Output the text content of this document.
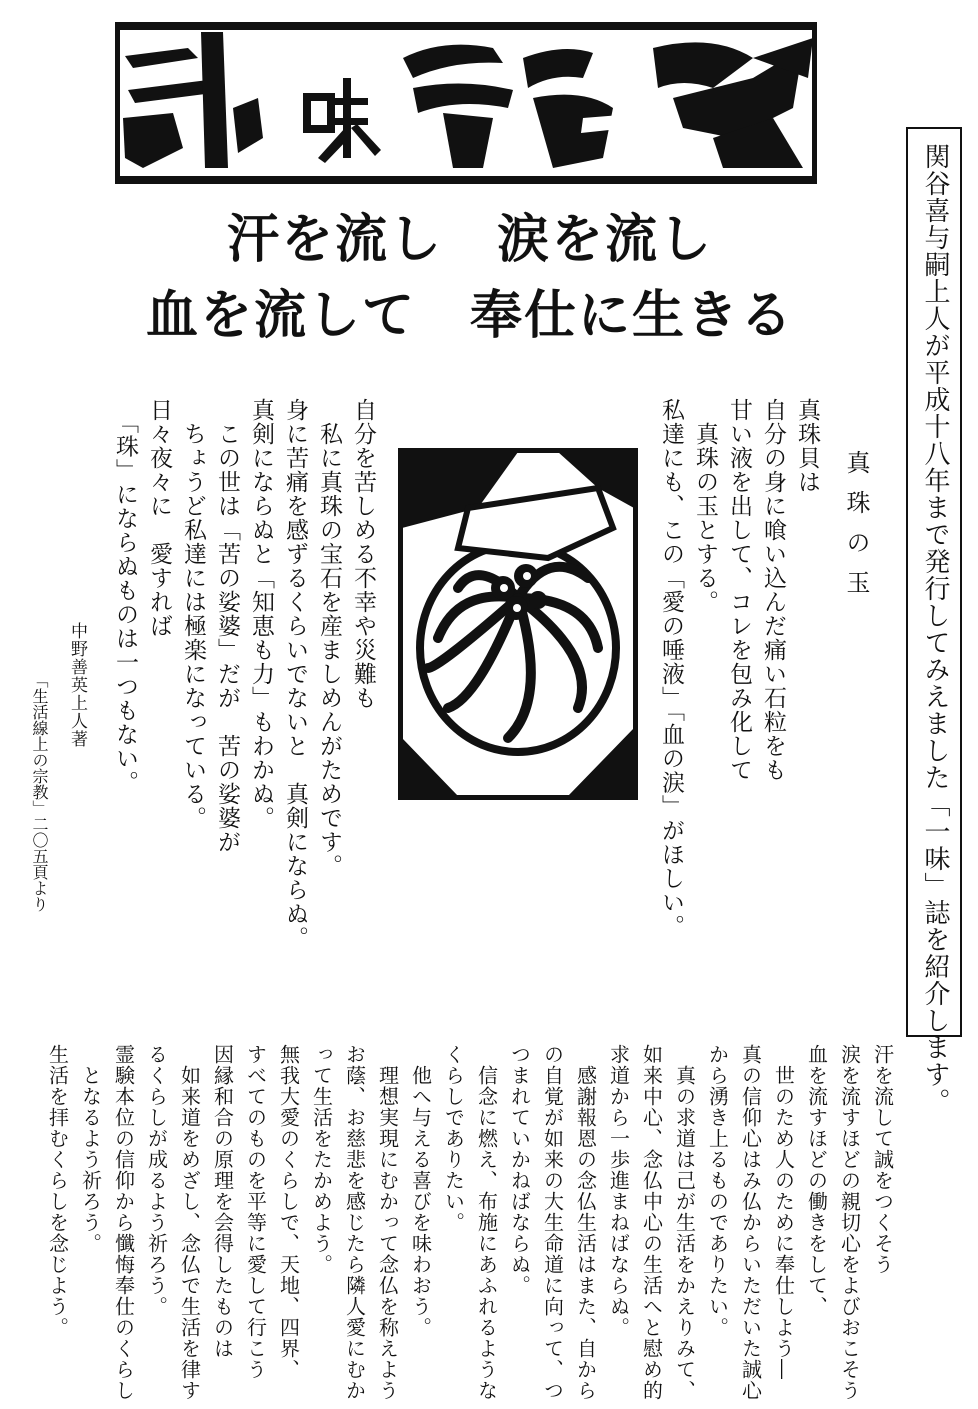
汗を流し　涙を流し
血を流して　奉仕に生きる	関谷喜与嗣上人が平成十八年まで発行してみえました「一味」誌を紹介します。
真珠の玉
真珠貝は
自分の身に喰い込んだ痛い石粒をも
甘い液を出して、コレを包み化して
　真珠の玉とする。
私達にも、この「愛の唾液」「血の涙」がほしい。
自分を苦しめる不幸や災難も
　私に真珠の宝石を産ましめんがためです。
身に苦痛を感ずるくらいでないと　真剣にならぬ。
真剣にならぬと「知恵も力」もわかぬ。
　この世は「苦の娑婆」だが　苦の娑婆が
　ちょうど私達には極楽になっている。
日々夜々に　愛すれば
　「珠」にならぬものは一つもない。
中野善英上人著
「生活線上の宗教」二〇五頁より
汗を流して誠をつくそう
涙を流すほどの親切心をよびおこそう
血を流すほどの働きをして、
　世のため人のために奉仕しよう―
真の信仰心はみ仏からいただいた誠心
から湧き上るものでありたい。
　真の求道は己が生活をかえりみて、
如来中心、念仏中心の生活へと慰め的
求道から一歩進まねばならぬ。
　感謝報恩の念仏生活はまた、自から
の自覚が如来の大生命道に向って、つ
つまれていかねばならぬ。
　信念に燃え、布施にあふれるような
くらしでありたい。
　他へ与える喜びを味わおう。
　理想実現にむかって念仏を称えよう
お蔭、お慈悲を感じたら隣人愛にむか
って生活をたかめよう。
無我大愛のくらしで、天地、四界、
すべてのものを平等に愛して行こう
因縁和合の原理を会得したものは
　如来道をめざし、念仏で生活を律す
るくらしが成るよう祈ろう。
霊験本位の信仰から懺悔奉仕のくらし
　となるよう祈ろう。
生活を拝むくらしを念じよう。
